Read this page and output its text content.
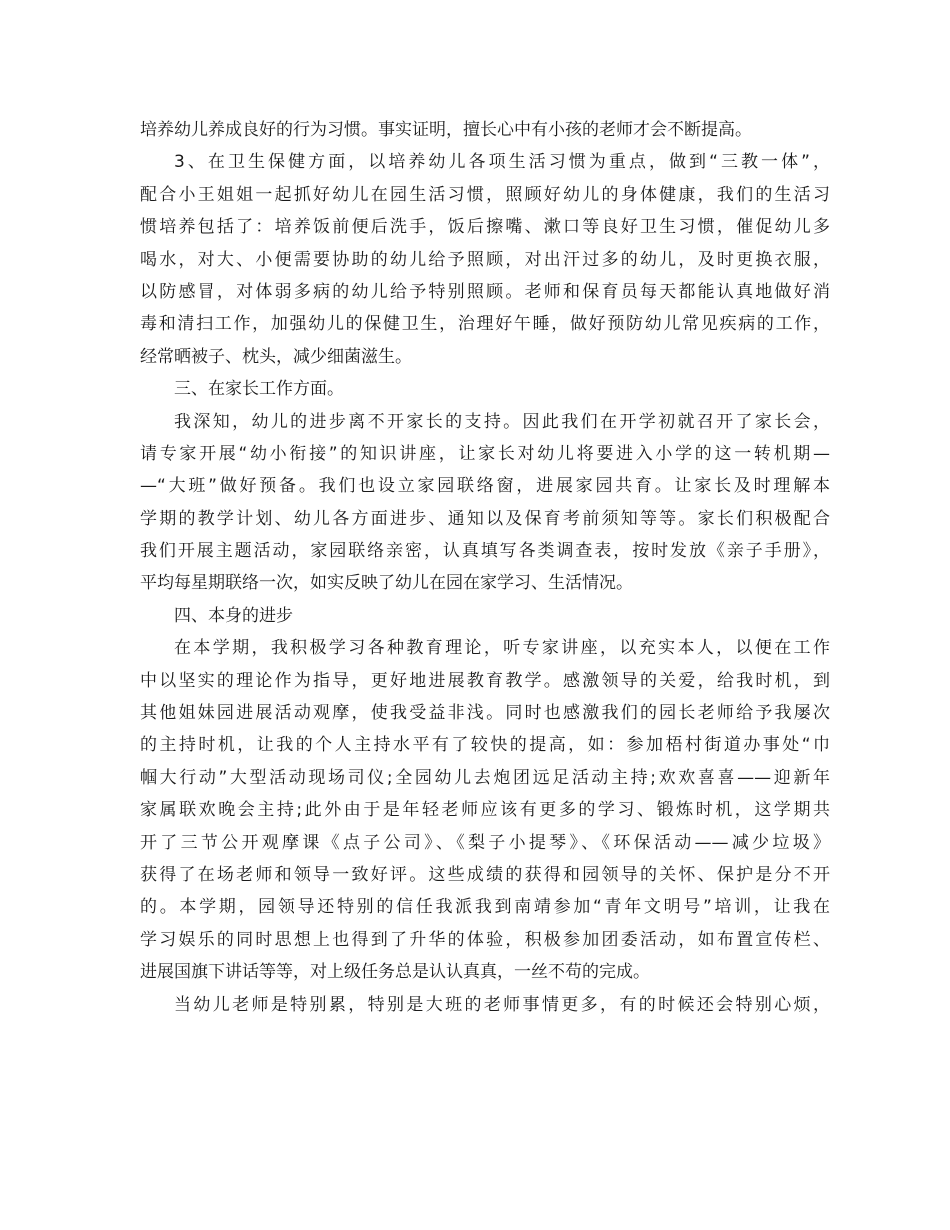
培养幼儿养成良好的行为习惯。事实证明，擅长心中有小孩的老师才会不断提高。
3、在卫生保健方面，以培养幼儿各项生活习惯为重点，做到“三教一体”，
配合小王姐姐一起抓好幼儿在园生活习惯，照顾好幼儿的身体健康，我们的生活习
惯培养包括了：培养饭前便后洗手，饭后擦嘴、漱口等良好卫生习惯，催促幼儿多
喝水，对大、小便需要协助的幼儿给予照顾，对出汗过多的幼儿，及时更换衣服，
以防感冒，对体弱多病的幼儿给予特别照顾。老师和保育员每天都能认真地做好消
毒和清扫工作，加强幼儿的保健卫生，治理好午睡，做好预防幼儿常见疾病的工作，
经常晒被子、枕头，减少细菌滋生。
三、在家长工作方面。
我深知，幼儿的进步离不开家长的支持。因此我们在开学初就召开了家长会，
请专家开展“幼小衔接”的知识讲座，让家长对幼儿将要进入小学的这一转机期—
—“大班”做好预备。我们也设立家园联络窗，进展家园共育。让家长及时理解本
学期的教学计划、幼儿各方面进步、通知以及保育考前须知等等。家长们积极配合
我们开展主题活动，家园联络亲密，认真填写各类调查表，按时发放《亲子手册》，
平均每星期联络一次，如实反映了幼儿在园在家学习、生活情况。
四、本身的进步
在本学期，我积极学习各种教育理论，听专家讲座，以充实本人，以便在工作
中以坚实的理论作为指导，更好地进展教育教学。感激领导的关爱，给我时机，到
其他姐妹园进展活动观摩，使我受益非浅。同时也感激我们的园长老师给予我屡次
的主持时机，让我的个人主持水平有了较快的提高，如：参加梧村街道办事处“巾
帼大行动”大型活动现场司仪;全园幼儿去炮团远足活动主持;欢欢喜喜——迎新年
家属联欢晚会主持;此外由于是年轻老师应该有更多的学习、锻炼时机，这学期共
开了三节公开观摩课《点子公司》、《梨子小提琴》、《环保活动——减少垃圾》
获得了在场老师和领导一致好评。这些成绩的获得和园领导的关怀、保护是分不开
的。本学期，园领导还特别的信任我派我到南靖参加“青年文明号”培训，让我在
学习娱乐的同时思想上也得到了升华的体验，积极参加团委活动，如布置宣传栏、
进展国旗下讲话等等，对上级任务总是认认真真，一丝不苟的完成。
当幼儿老师是特别累，特别是大班的老师事情更多，有的时候还会特别心烦，
